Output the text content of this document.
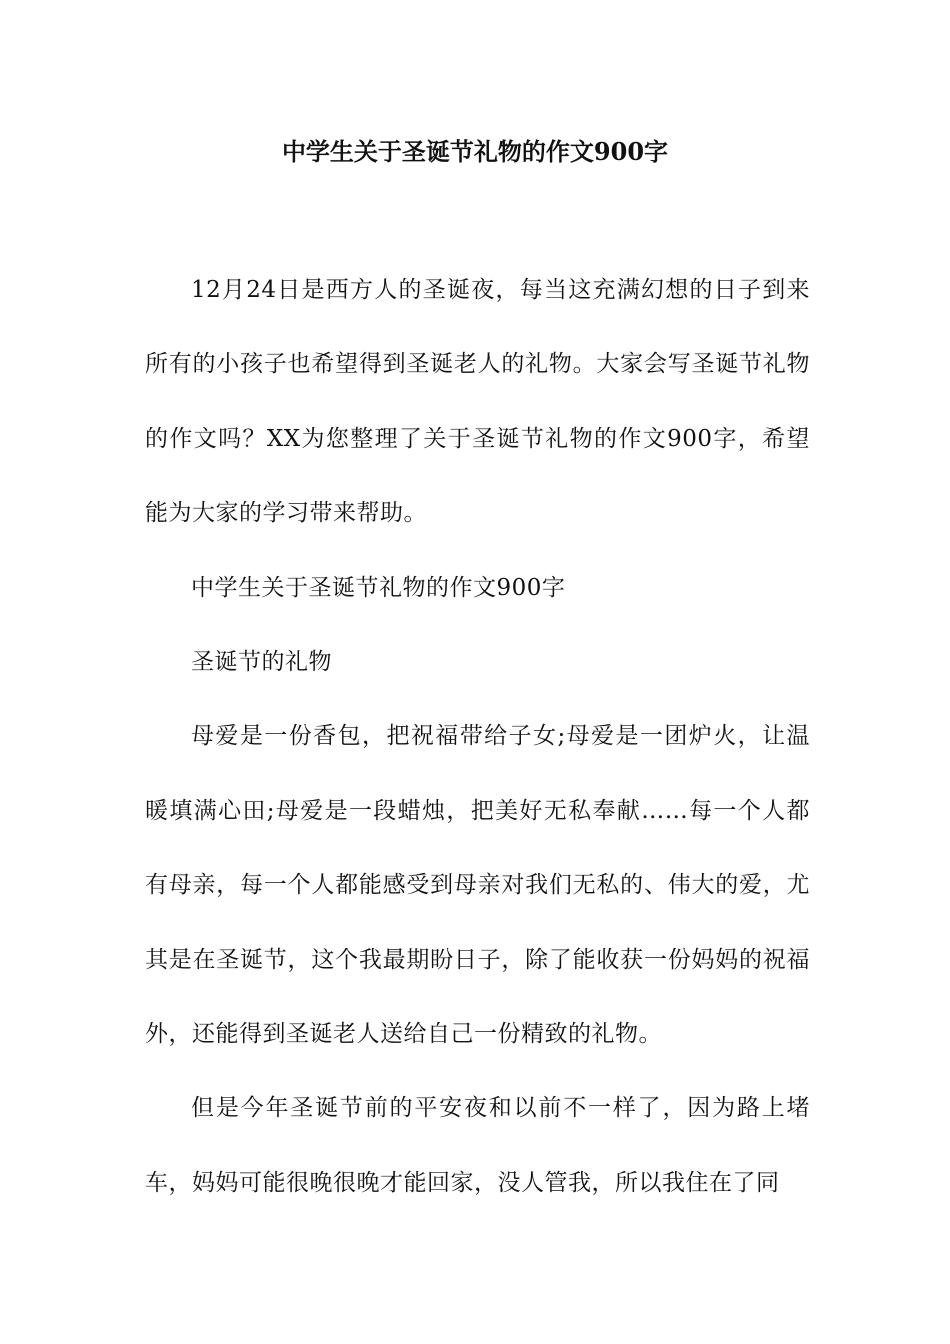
中学生关于圣诞节礼物的作文900字

12月24日是西方人的圣诞夜，每当这充满幻想的日子到来所有的小孩子也希望得到圣诞老人的礼物。大家会写圣诞节礼物的作文吗？XX为您整理了关于圣诞节礼物的作文900字，希望能为大家的学习带来帮助。

中学生关于圣诞节礼物的作文900字

圣诞节的礼物

母爱是一份香包，把祝福带给子女;母爱是一团炉火，让温暖填满心田;母爱是一段蜡烛，把美好无私奉献……每一个人都有母亲，每一个人都能感受到母亲对我们无私的、伟大的爱，尤其是在圣诞节，这个我最期盼日子，除了能收获一份妈妈的祝福外，还能得到圣诞老人送给自己一份精致的礼物。

但是今年圣诞节前的平安夜和以前不一样了，因为路上堵车，妈妈可能很晚很晚才能回家，没人管我，所以我住在了同
